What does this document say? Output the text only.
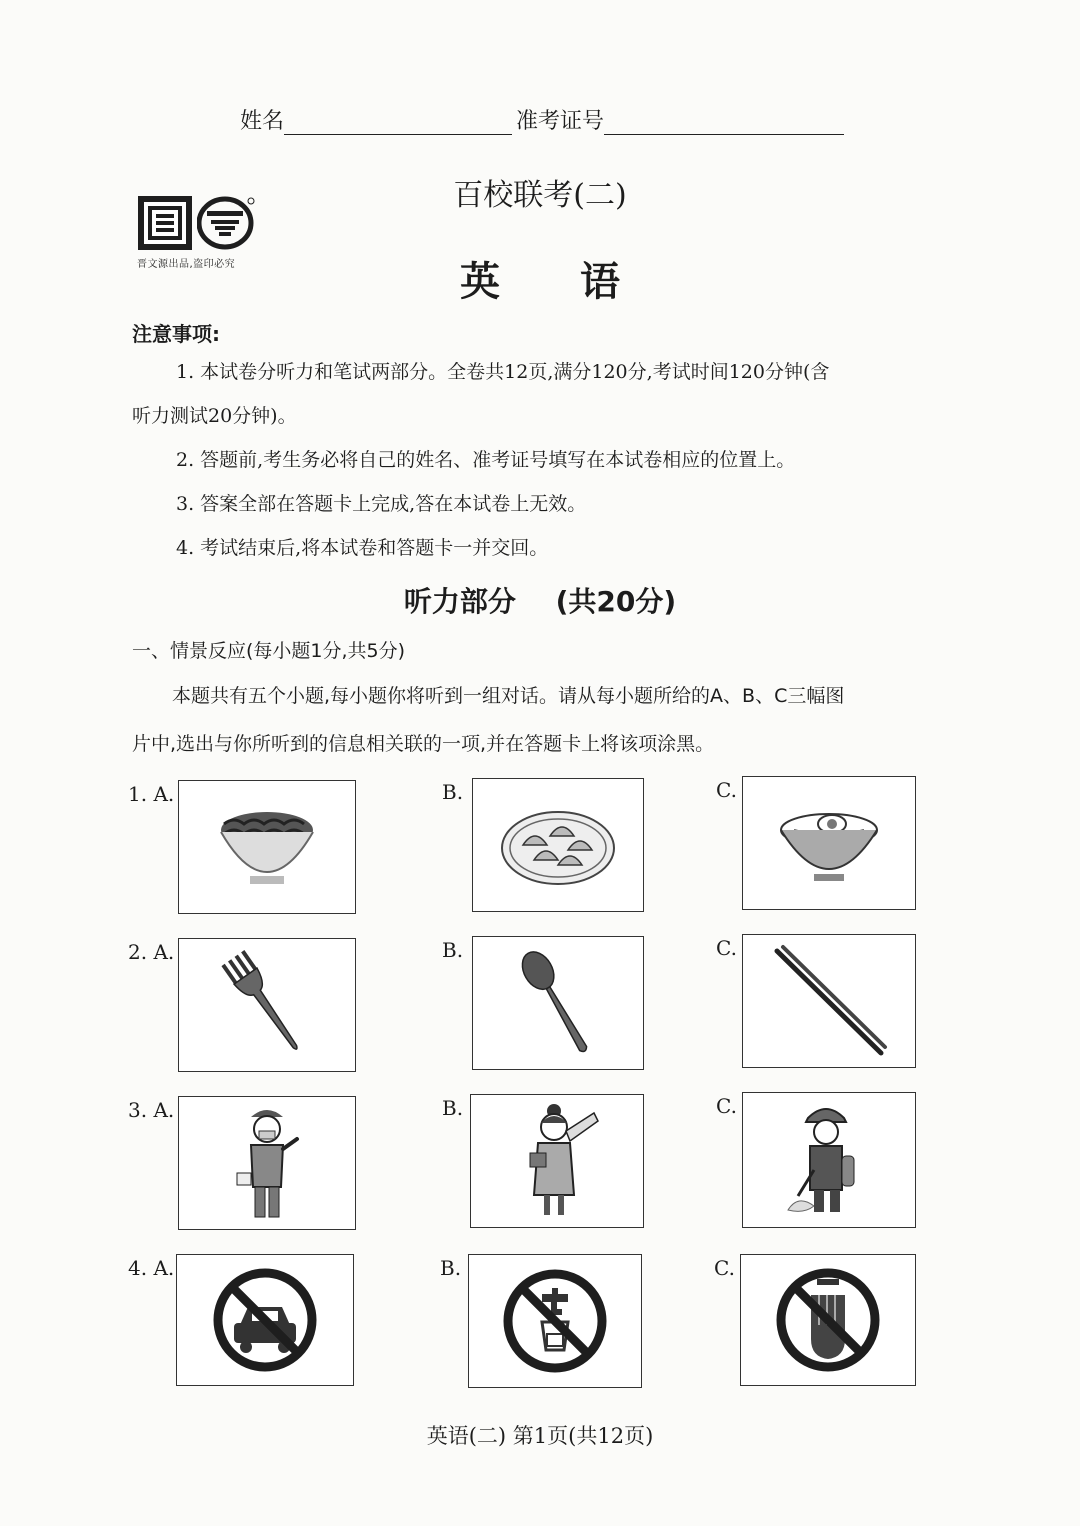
姓名	准考证号
晋文源出品,盗印必究
百校联考(二)
英语
注意事项:
1. 本试卷分听力和笔试两部分。全卷共12页,满分120分,考试时间120分钟(含
听力测试20分钟)。
2. 答题前,考生务必将自己的姓名、准考证号填写在本试卷相应的位置上。
3. 答案全部在答题卡上完成,答在本试卷上无效。
4. 考试结束后,将本试卷和答题卡一并交回。
听力部分 (共20分)
一、情景反应(每小题1分,共5分)
本题共有五个小题,每小题你将听到一组对话。请从每小题所给的A、B、C三幅图
片中,选出与你所听到的信息相关联的一项,并在答题卡上将该项涂黑。
1. A.	B.	C.
2. A.	B.	C.
3. A.	B.	C.
4. A.	B.	C.
英语(二) 第1页(共12页)
